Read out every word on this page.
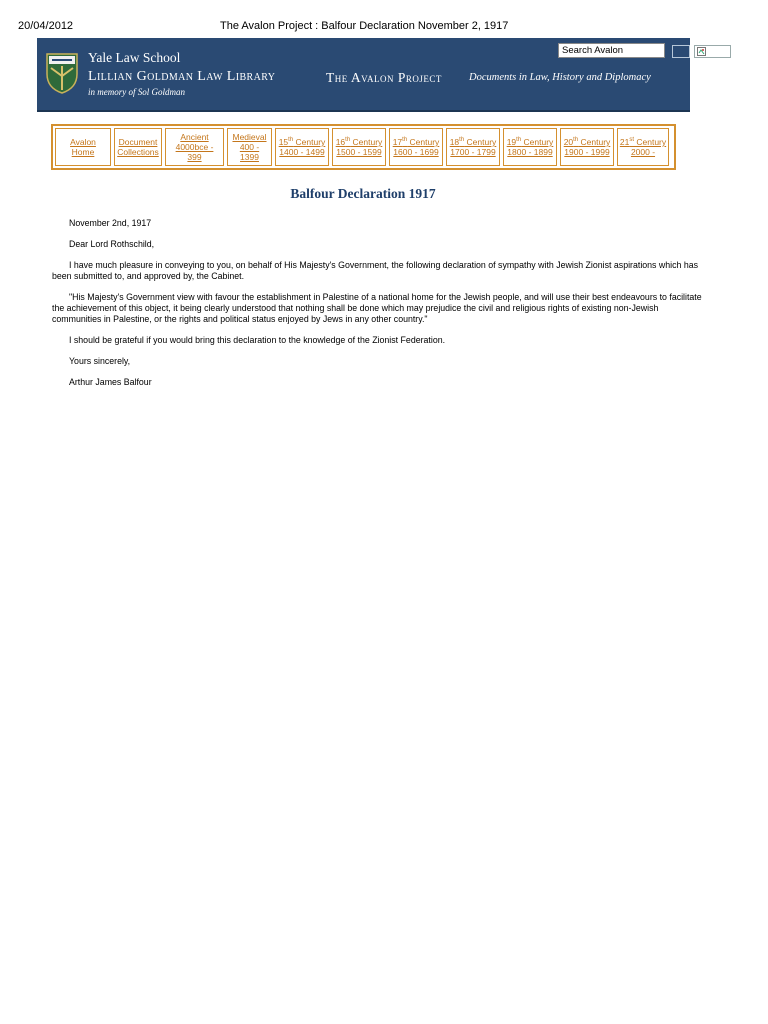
20/04/2012	The Avalon Project : Balfour Declaration November 2, 1917
Yale Law School
Lillian Goldman Law Library
in memory of Sol Goldman
The Avalon Project	Documents in Law, History and Diplomacy
Search Avalon
Avalon
Home
Document
Collections
Ancient
4000bce -
399
Medieval
400 -
1399
15th Century
1400 - 1499
16th Century
1500 - 1599
17th Century
1600 - 1699
18th Century
1700 - 1799
19th Century
1800 - 1899
20th Century
1900 - 1999
21st Century
2000 -
Balfour Declaration 1917

November 2nd, 1917

Dear Lord Rothschild,

I have much pleasure in conveying to you, on behalf of His Majesty's Government, the following declaration of sympathy with Jewish Zionist aspirations which has been submitted to, and approved by, the Cabinet.

"His Majesty's Government view with favour the establishment in Palestine of a national home for the Jewish people, and will use their best endeavours to facilitate the achievement of this object, it being clearly understood that nothing shall be done which may prejudice the civil and religious rights of existing non-Jewish communities in Palestine, or the rights and political status enjoyed by Jews in any other country."

I should be grateful if you would bring this declaration to the knowledge of the Zionist Federation.

Yours sincerely,

Arthur James Balfour
